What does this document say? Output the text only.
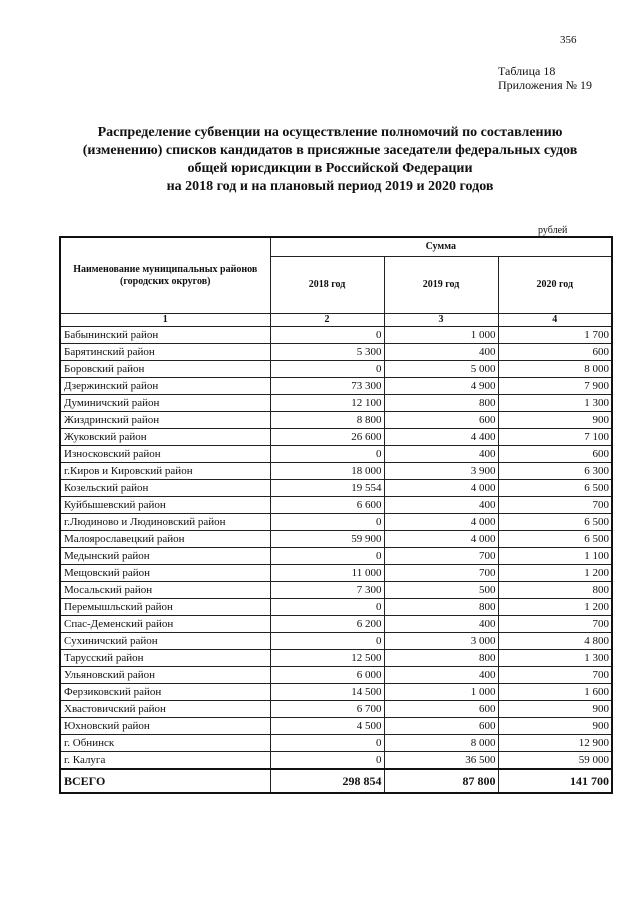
356
Таблица 18
Приложения № 19
Распределение субвенции на осуществление полномочий по составлению
(изменению) списков кандидатов в присяжные заседатели федеральных судов
общей юрисдикции в Российской Федерации
на 2018 год и на плановый период 2019 и 2020 годов
рублей
Наименование муниципальных районов (городских округов)	Сумма		
	2018 год	2019 год	2020 год
1	2	3	4
Бабынинский район	0	1 000	1 700
Барятинский район	5 300	400	600
Боровский район	0	5 000	8 000
Дзержинский район	73 300	4 900	7 900
Думиничский район	12 100	800	1 300
Жиздринский район	8 800	600	900
Жуковский район	26 600	4 400	7 100
Износковский район	0	400	600
г.Киров и Кировский район	18 000	3 900	6 300
Козельский район	19 554	4 000	6 500
Куйбышевский район	6 600	400	700
г.Людиново и Людиновский район	0	4 000	6 500
Малоярославецкий район	59 900	4 000	6 500
Медынский район	0	700	1 100
Мещовский район	11 000	700	1 200
Мосальский район	7 300	500	800
Перемышльский район	0	800	1 200
Спас-Деменский район	6 200	400	700
Сухиничский район	0	3 000	4 800
Тарусский район	12 500	800	1 300
Ульяновский район	6 000	400	700
Ферзиковский район	14 500	1 000	1 600
Хвастовичский район	6 700	600	900
Юхновский район	4 500	600	900
г. Обнинск	0	8 000	12 900
г. Калуга	0	36 500	59 000
ВСЕГО	298 854	87 800	141 700
